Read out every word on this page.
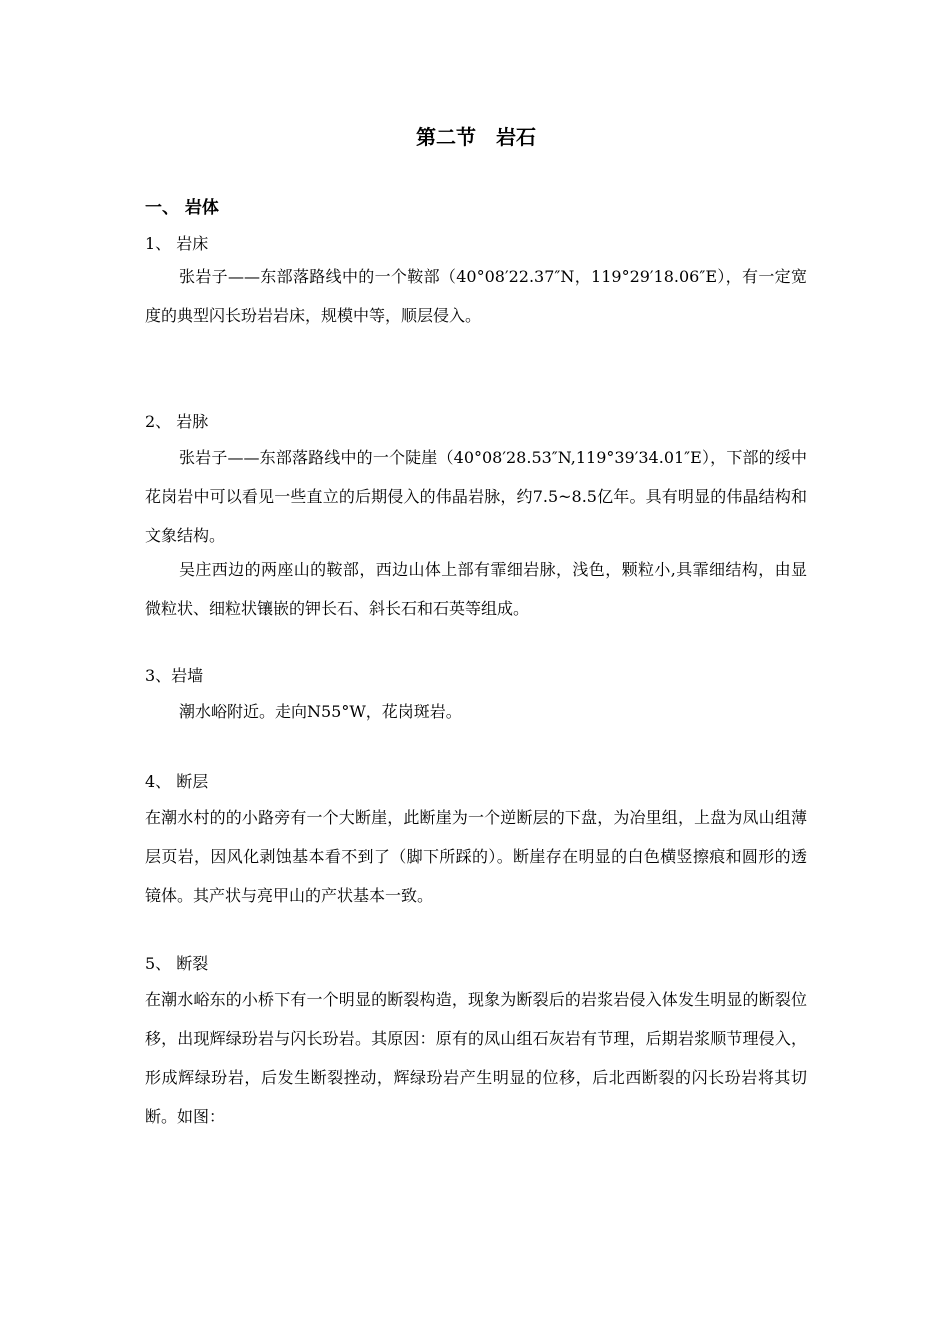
第二节　岩石
一、 岩体
1、 岩床
张岩子——东部落路线中的一个鞍部（40°08′22.37″N，119°29′18.06″E），有一定宽度的典型闪长玢岩岩床，规模中等，顺层侵入。
2、 岩脉
张岩子——东部落路线中的一个陡崖（40°08′28.53″N,119°39′34.01″E），下部的绥中花岗岩中可以看见一些直立的后期侵入的伟晶岩脉，约7.5~8.5亿年。具有明显的伟晶结构和文象结构。
吴庄西边的两座山的鞍部，西边山体上部有霏细岩脉，浅色，颗粒小,具霏细结构，由显微粒状、细粒状镶嵌的钾长石、斜长石和石英等组成。
3、岩墙
潮水峪附近。走向N55°W，花岗斑岩。
4、 断层
在潮水村的的小路旁有一个大断崖，此断崖为一个逆断层的下盘，为冶里组，上盘为凤山组薄层页岩，因风化剥蚀基本看不到了（脚下所踩的）。断崖存在明显的白色横竖擦痕和圆形的透镜体。其产状与亮甲山的产状基本一致。
5、 断裂
在潮水峪东的小桥下有一个明显的断裂构造，现象为断裂后的岩浆岩侵入体发生明显的断裂位移，出现辉绿玢岩与闪长玢岩。其原因：原有的凤山组石灰岩有节理，后期岩浆顺节理侵入，形成辉绿玢岩，后发生断裂挫动，辉绿玢岩产生明显的位移，后北西断裂的闪长玢岩将其切断。如图：
